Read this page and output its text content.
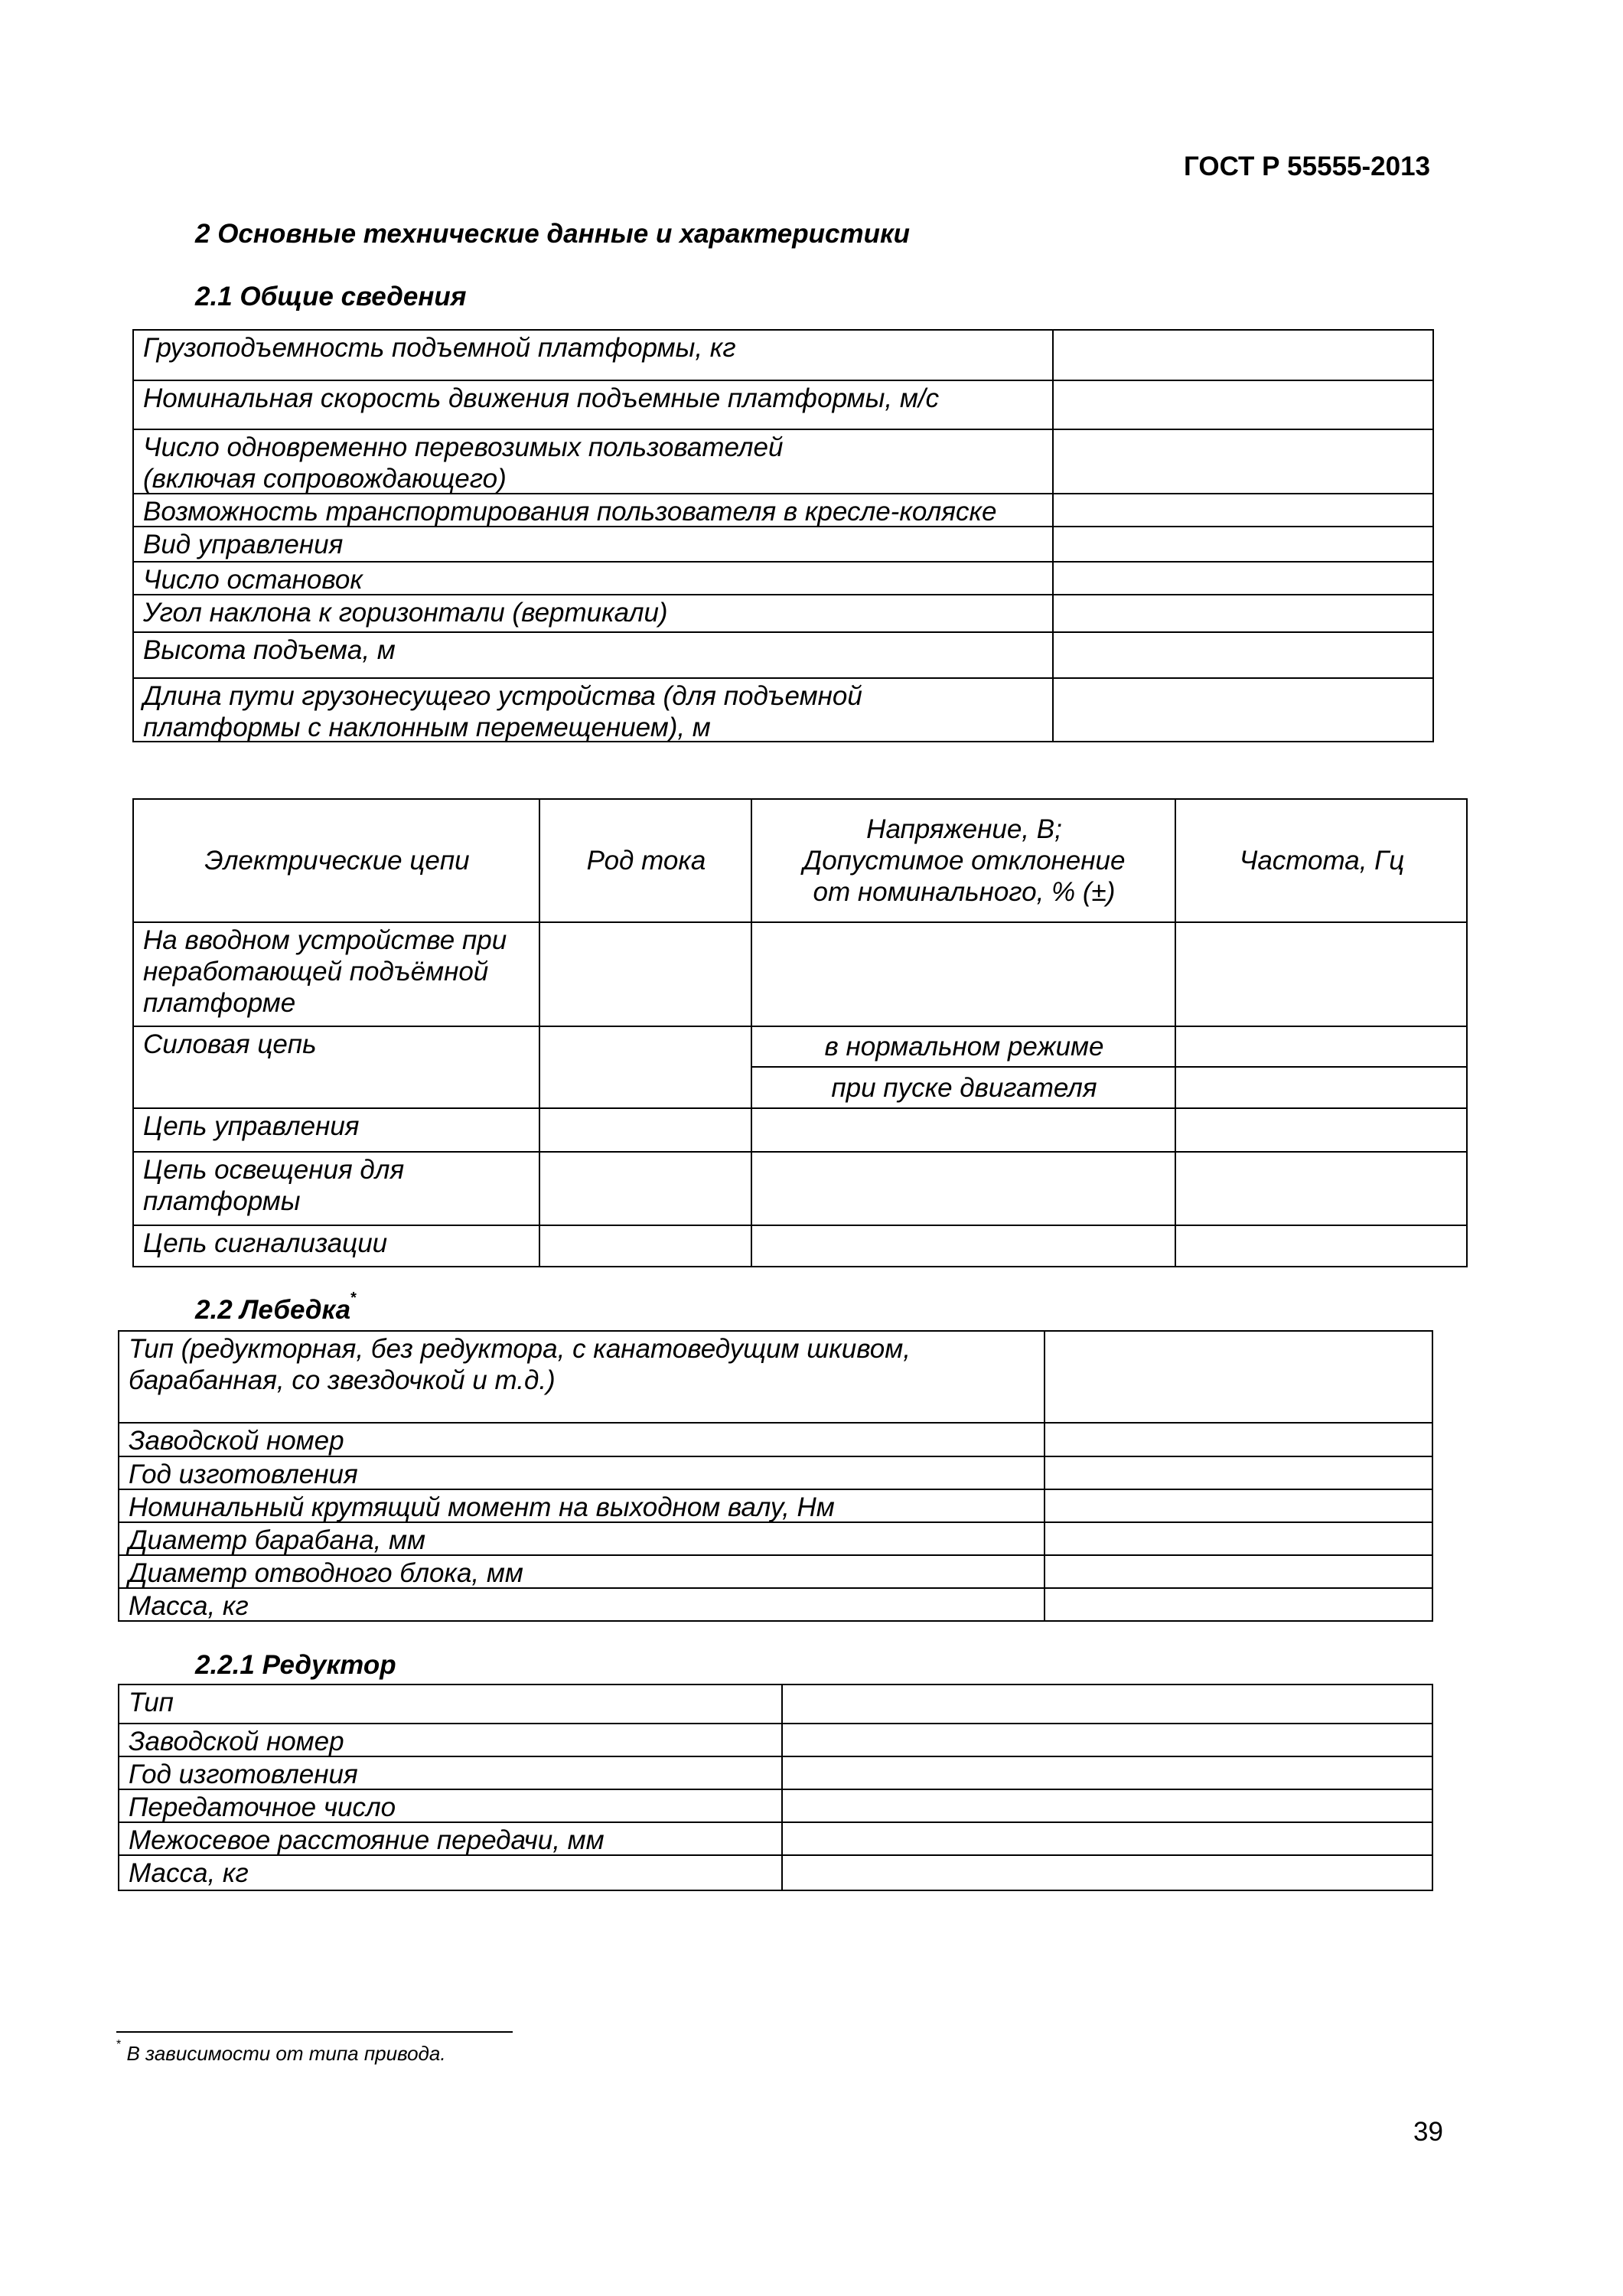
ГОСТ Р 55555-2013
2 Основные технические данные и характеристики
2.1 Общие сведения
Грузоподъемность подъемной платформы, кг
Номинальная скорость движения подъемные платформы, м/с
Число одновременно перевозимых пользователей
(включая сопровождающего)
Возможность транспортирования пользователя в кресле-коляске
Вид управления
Число остановок
Угол наклона к горизонтали (вертикали)
Высота подъема, м
Длина пути грузонесущего устройства (для подъемной
платформы с наклонным перемещением), м
Электрические цепи	Род тока
Напряжение, В;
Допустимое отклонение
от номинального, % (±)
Частота, Гц
На вводном устройстве при
неработающей подъёмной
платформе
Силовая цепь	в нормальном режиме
при пуске двигателя
Цепь управления
Цепь освещения для
платформы
Цепь сигнализации
2.2 Лебедка*
Тип (редукторная, без редуктора, с канатоведущим шкивом,
барабанная, со звездочкой и т.д.)
Заводской номер
Год изготовления
Номинальный крутящий момент на выходном валу, Нм
Диаметр барабана, мм
Диаметр отводного блока, мм
Масса, кг
2.2.1 Редуктор
Тип
Заводской номер
Год изготовления
Передаточное число
Межосевое расстояние передачи, мм
Масса, кг
* В зависимости от типа привода.
39
